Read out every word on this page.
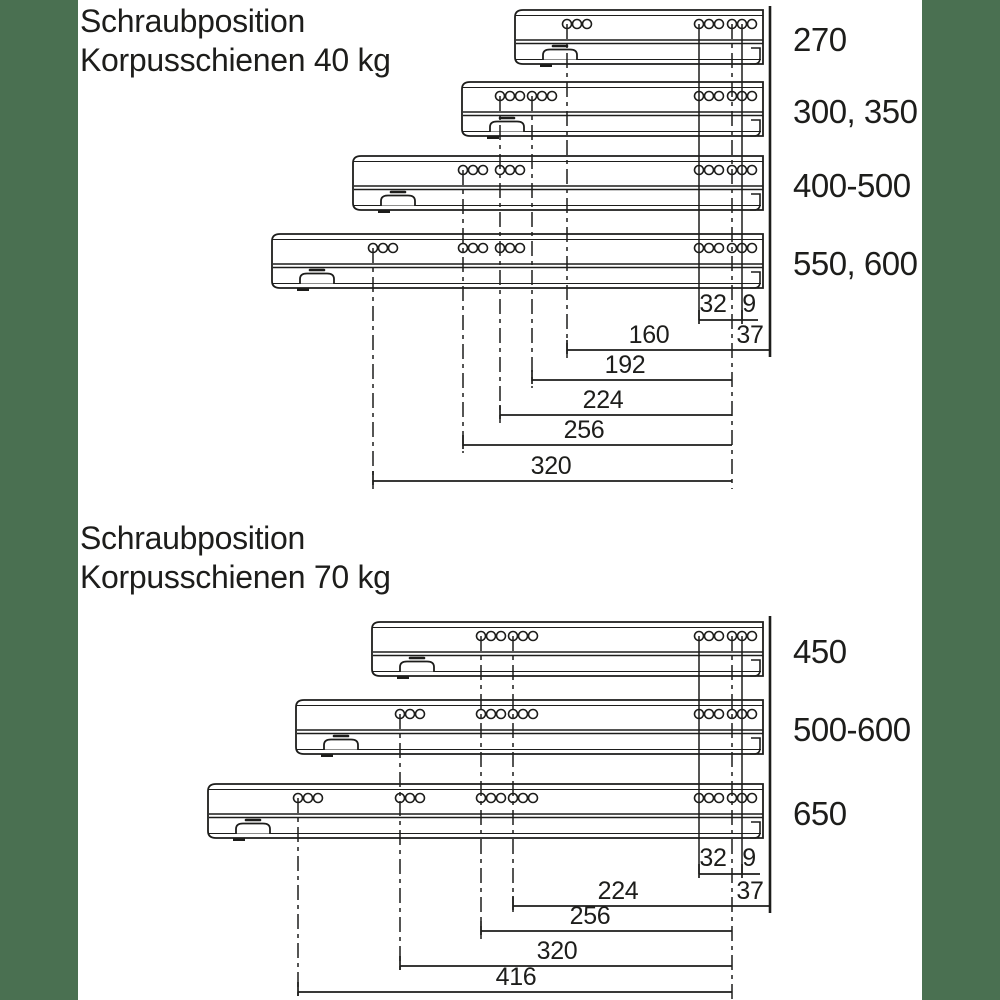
Schraubposition
Korpusschienen 40 kg
Schraubposition
Korpusschienen 70 kg
270
300, 350
400-500
550, 600
32 9
160	37
192
224
256
320
450
500-600
650
32 9
224	37
256
320
416
